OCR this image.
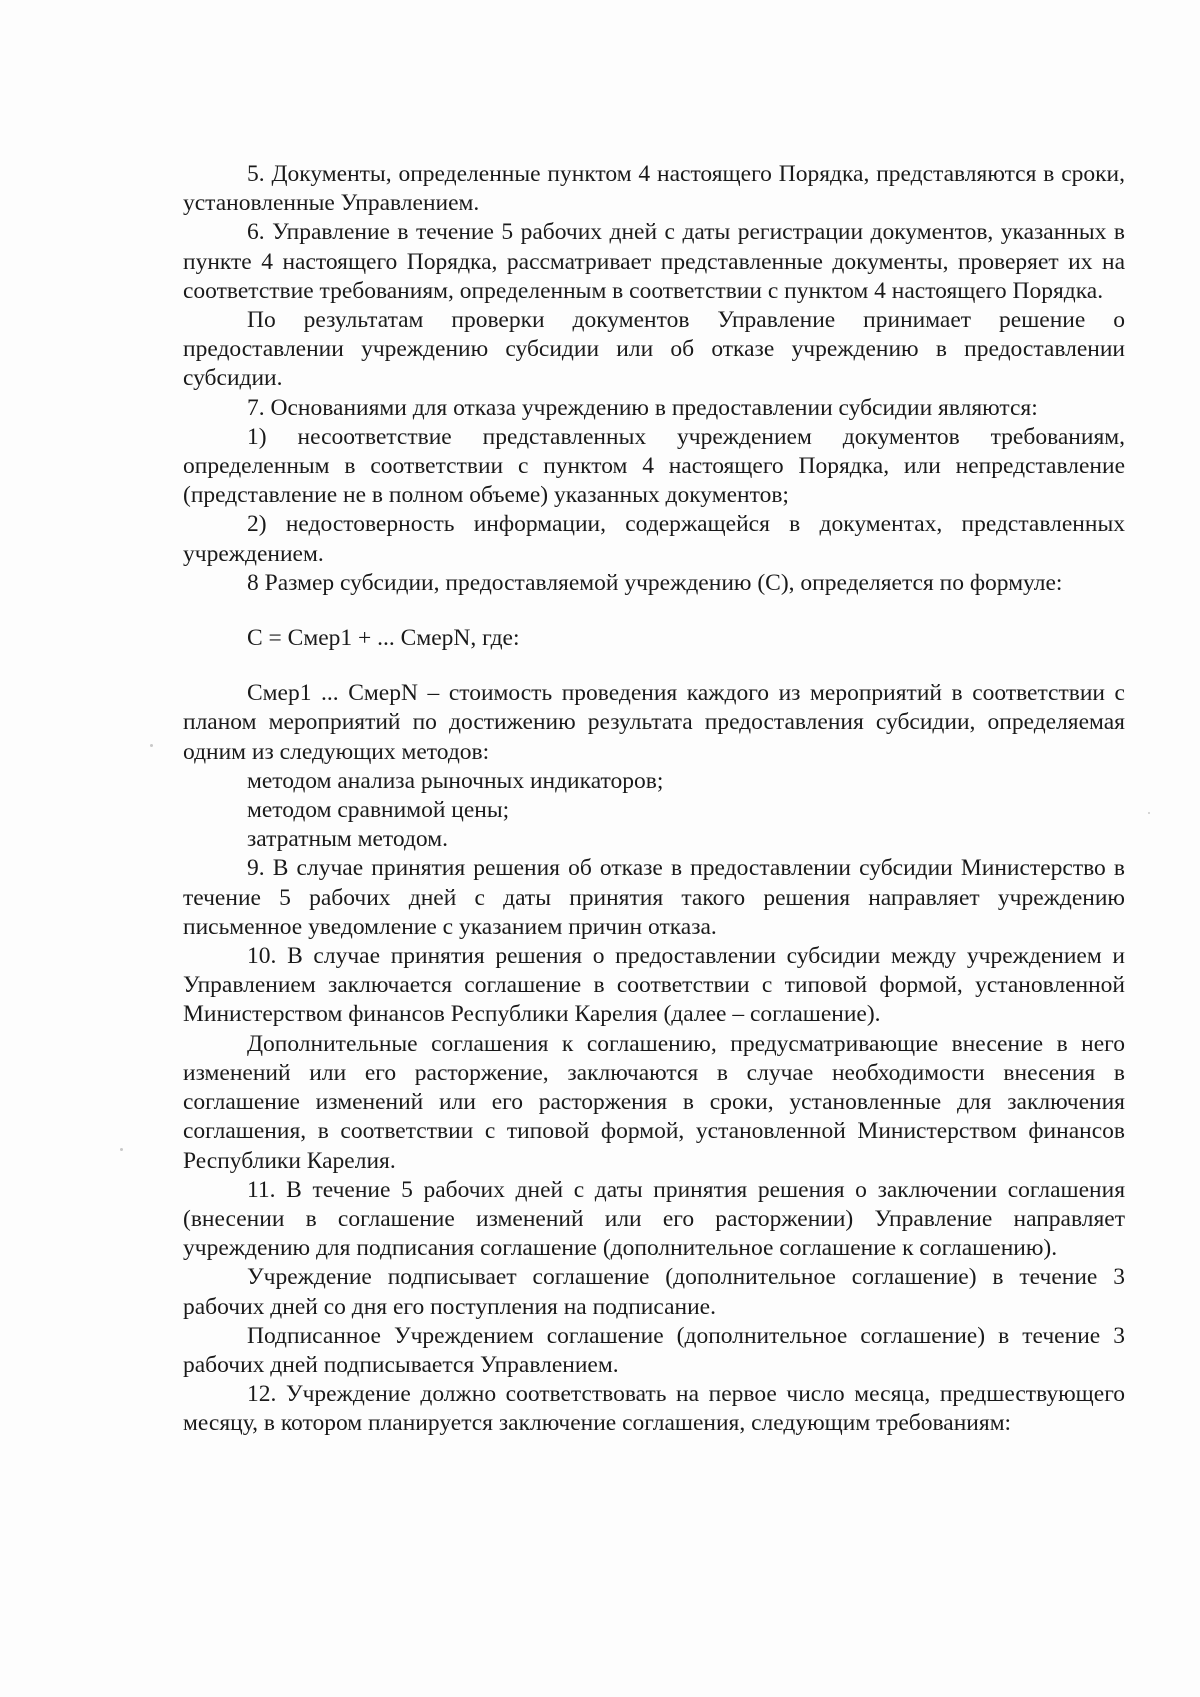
5. Документы, определенные пунктом 4 настоящего Порядка, представляются в сроки, установленные Управлением.

6. Управление в течение 5 рабочих дней с даты регистрации документов, указанных в пункте 4 настоящего Порядка, рассматривает представленные документы, проверяет их на соответствие требованиям, определенным в соответствии с пунктом 4 настоящего Порядка.

По результатам проверки документов Управление принимает решение о предоставлении учреждению субсидии или об отказе учреждению в предоставлении субсидии.

7. Основаниями для отказа учреждению в предоставлении субсидии являются:

1) несоответствие представленных учреждением документов требованиям, определенным в соответствии с пунктом 4 настоящего Порядка, или непредставление (представление не в полном объеме) указанных документов;

2) недостоверность информации, содержащейся в документах, представленных учреждением.

8 Размер субсидии, предоставляемой учреждению (С), определяется по формуле:

С = Смер1 + ... СмерN, где:

Смер1 ... СмерN – стоимость проведения каждого из мероприятий в соответствии с планом мероприятий по достижению результата предоставления субсидии, определяемая одним из следующих методов:

методом анализа рыночных индикаторов;

методом сравнимой цены;

затратным методом.

9. В случае принятия решения об отказе в предоставлении субсидии Министерство в течение 5 рабочих дней с даты принятия такого решения направляет учреждению письменное уведомление с указанием причин отказа.

10. В случае принятия решения о предоставлении субсидии между учреждением и Управлением заключается соглашение в соответствии с типовой формой, установленной Министерством финансов Республики Карелия (далее – соглашение).

Дополнительные соглашения к соглашению, предусматривающие внесение в него изменений или его расторжение, заключаются в случае необходимости внесения в соглашение изменений или его расторжения в сроки, установленные для заключения соглашения, в соответствии с типовой формой, установленной Министерством финансов Республики Карелия.

11. В течение 5 рабочих дней с даты принятия решения о заключении соглашения (внесении в соглашение изменений или его расторжении) Управление направляет учреждению для подписания соглашение (дополнительное соглашение к соглашению).

Учреждение подписывает соглашение (дополнительное соглашение) в течение 3 рабочих дней со дня его поступления на подписание.

Подписанное Учреждением соглашение (дополнительное соглашение) в течение 3 рабочих дней подписывается Управлением.

12. Учреждение должно соответствовать на первое число месяца, предшествующего месяцу, в котором планируется заключение соглашения, следующим требованиям:
